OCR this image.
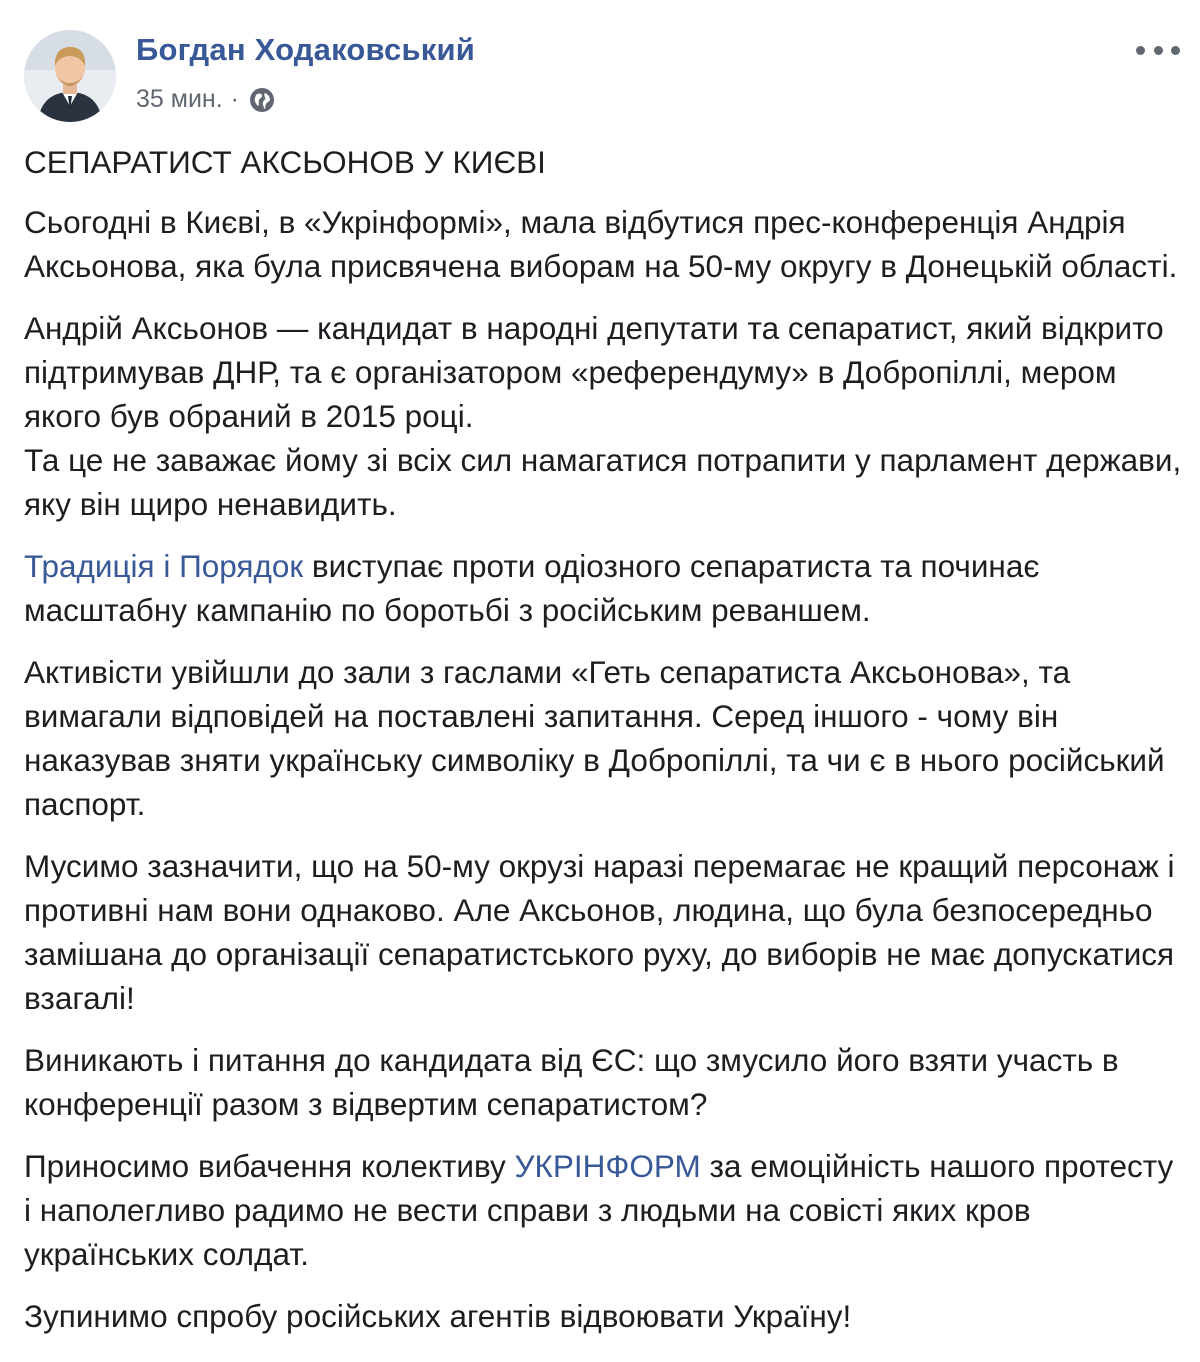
Богдан Ходаковський
35 мин. ·

СЕПАРАТИСТ АКСЬОНОВ У КИЄВІ

Сьогодні в Києві, в «Укрінформі», мала відбутися прес-конференція Андрія Аксьонова, яка була присвячена виборам на 50-му округу в Донецькій області.

Андрій Аксьонов — кандидат в народні депутати та сепаратист, який відкрито підтримував ДНР, та є організатором «референдуму» в Добропіллі, мером якого був обраний в 2015 році.
Та це не заважає йому зі всіх сил намагатися потрапити у парламент держави, яку він щиро ненавидить.

Традиція і Порядок виступає проти одіозного сепаратиста та починає масштабну кампанію по боротьбі з російським реваншем.

Активісти увійшли до зали з гаслами «Геть сепаратиста Аксьонова», та вимагали відповідей на поставлені запитання. Серед іншого - чому він наказував зняти українську символіку в Добропіллі, та чи є в нього російський паспорт.

Мусимо зазначити, що на 50-му окрузі наразі перемагає не кращий персонаж і противні нам вони однаково. Але Аксьонов, людина, що була безпосередньо замішана до організації сепаратистського руху, до виборів не має допускатися взагалі!

Виникають і питання до кандидата від ЄС: що змусило його взяти участь в конференції разом з відвертим сепаратистом?

Приносимо вибачення колективу УКРІНФОРМ за емоційність нашого протесту і наполегливо радимо не вести справи з людьми на совісті яких кров українських солдат.

Зупинимо спробу російських агентів відвоювати Україну!
